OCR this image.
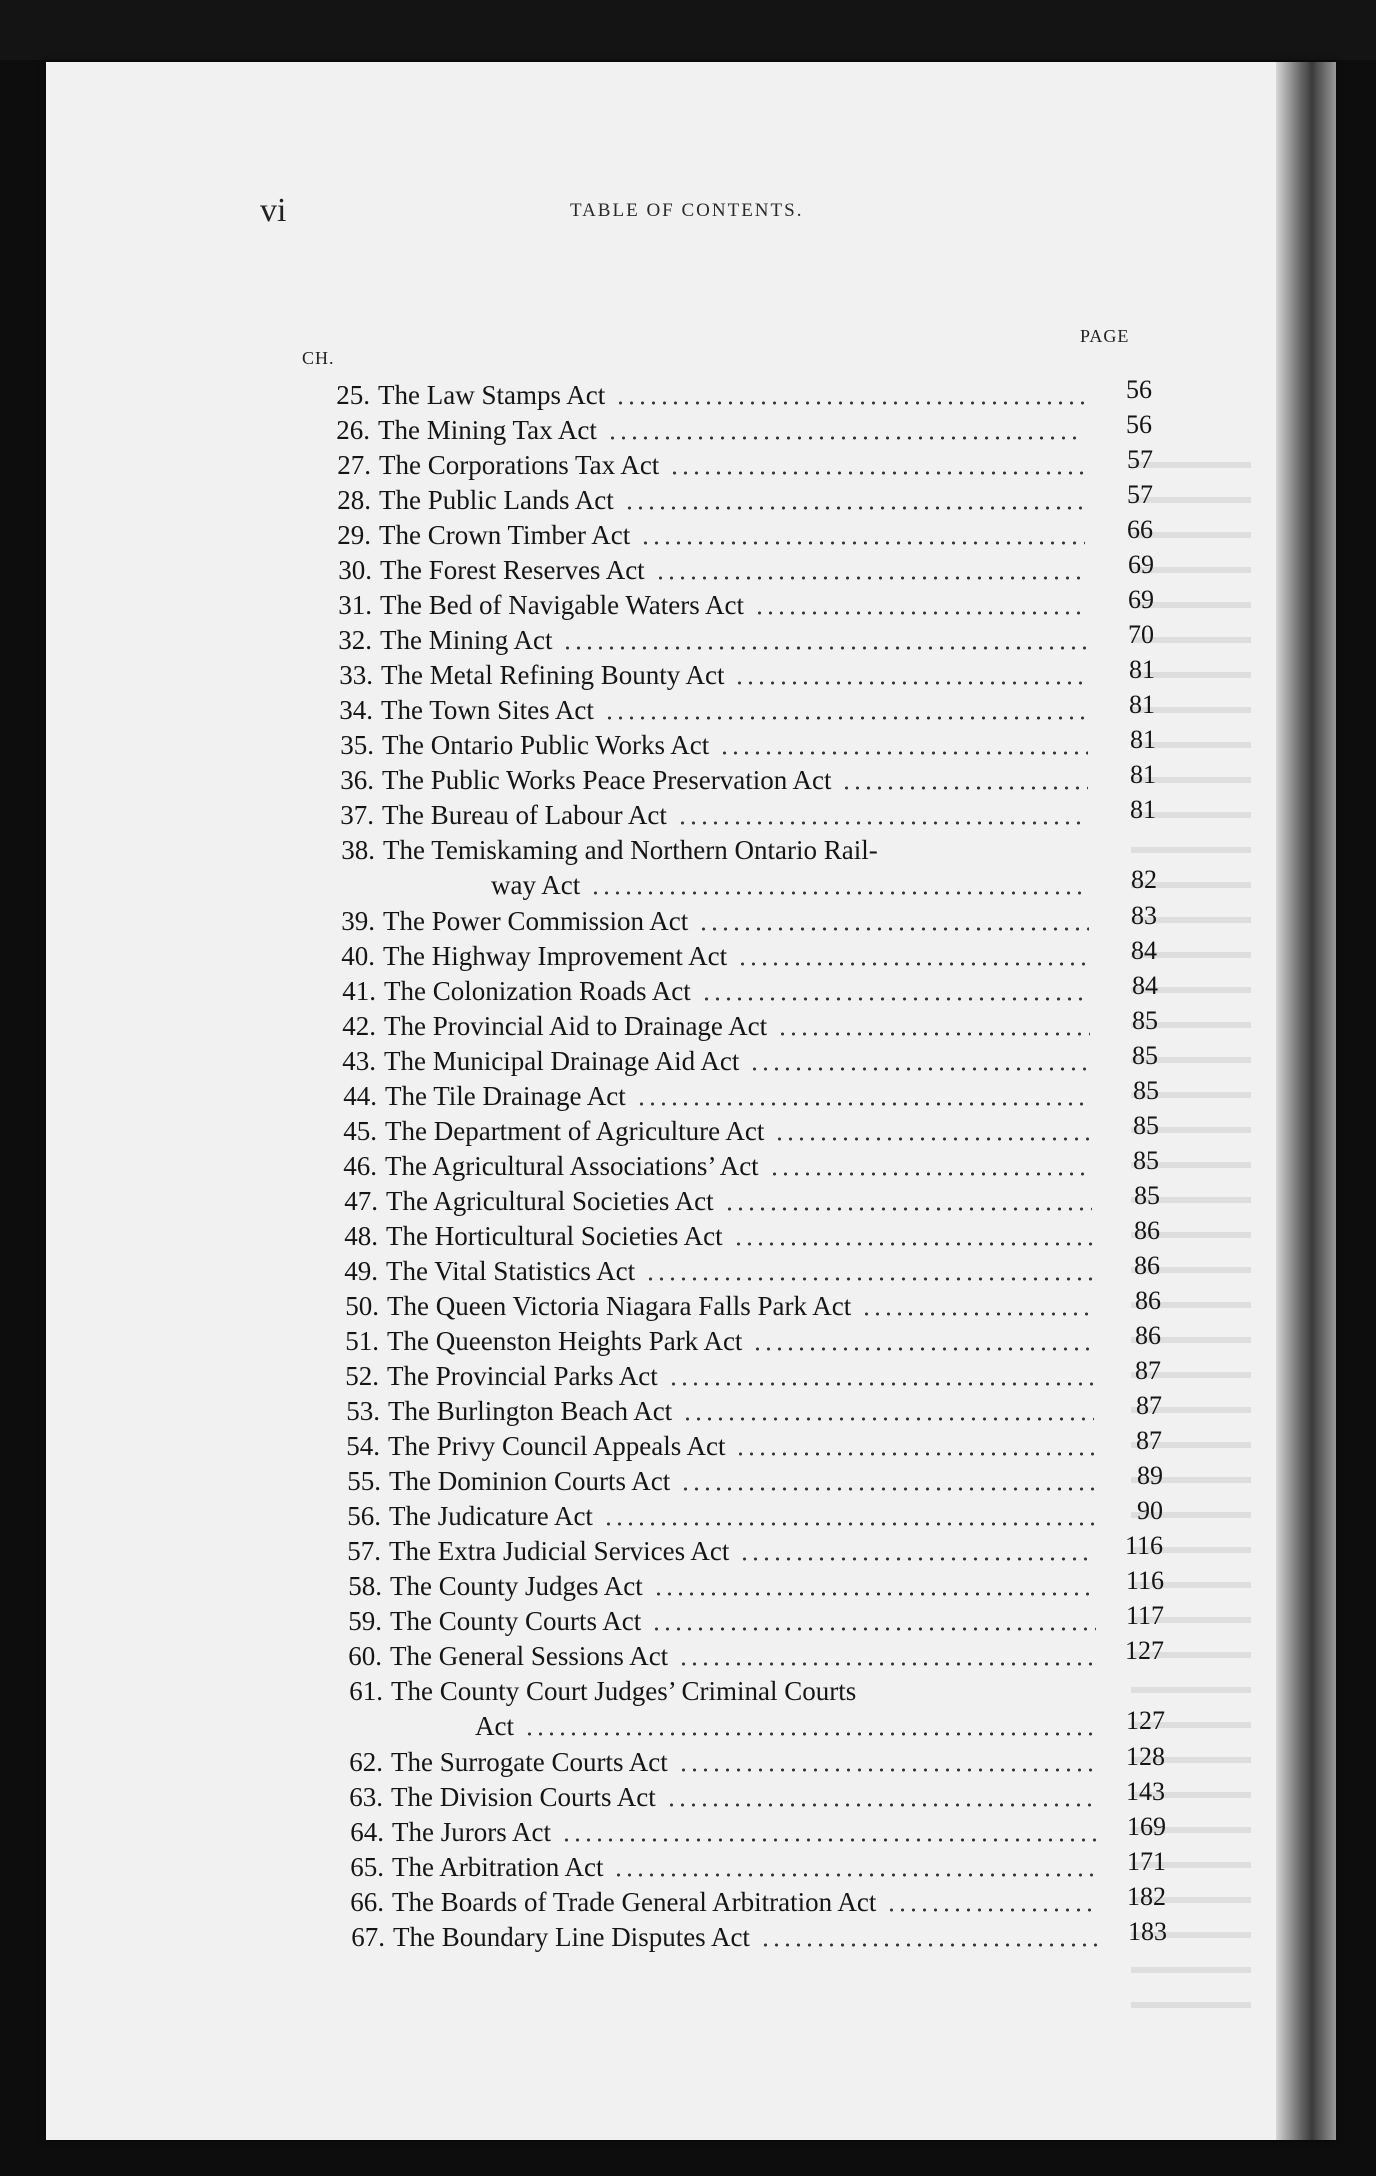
vi	TABLE OF CONTENTS.
PAGE
CH.
25. The Law Stamps Act	56
26. The Mining Tax Act	56
27. The Corporations Tax Act	57
28. The Public Lands Act	57
29. The Crown Timber Act	66
30. The Forest Reserves Act	69
31. The Bed of Navigable Waters Act	69
32. The Mining Act	70
33. The Metal Refining Bounty Act	81
34. The Town Sites Act	81
35. The Ontario Public Works Act	81
36. The Public Works Peace Preservation Act	81
37. The Bureau of Labour Act	81
38. The Temiskaming and Northern Ontario Rail-
way Act	82
39. The Power Commission Act	83
40. The Highway Improvement Act	84
41. The Colonization Roads Act	84
42. The Provincial Aid to Drainage Act	85
43. The Municipal Drainage Aid Act	85
44. The Tile Drainage Act	85
45. The Department of Agriculture Act	85
46. The Agricultural Associations’ Act	85
47. The Agricultural Societies Act	85
48. The Horticultural Societies Act	86
49. The Vital Statistics Act	86
50. The Queen Victoria Niagara Falls Park Act	86
51. The Queenston Heights Park Act	86
52. The Provincial Parks Act	87
53. The Burlington Beach Act	87
54. The Privy Council Appeals Act	87
55. The Dominion Courts Act	89
56. The Judicature Act	90
57. The Extra Judicial Services Act	116
58. The County Judges Act	116
59. The County Courts Act	117
60. The General Sessions Act	127
61. The County Court Judges’ Criminal Courts
Act	127
62. The Surrogate Courts Act	128
63. The Division Courts Act	143
64. The Jurors Act	169
65. The Arbitration Act	171
66. The Boards of Trade General Arbitration Act	182
67. The Boundary Line Disputes Act	183
